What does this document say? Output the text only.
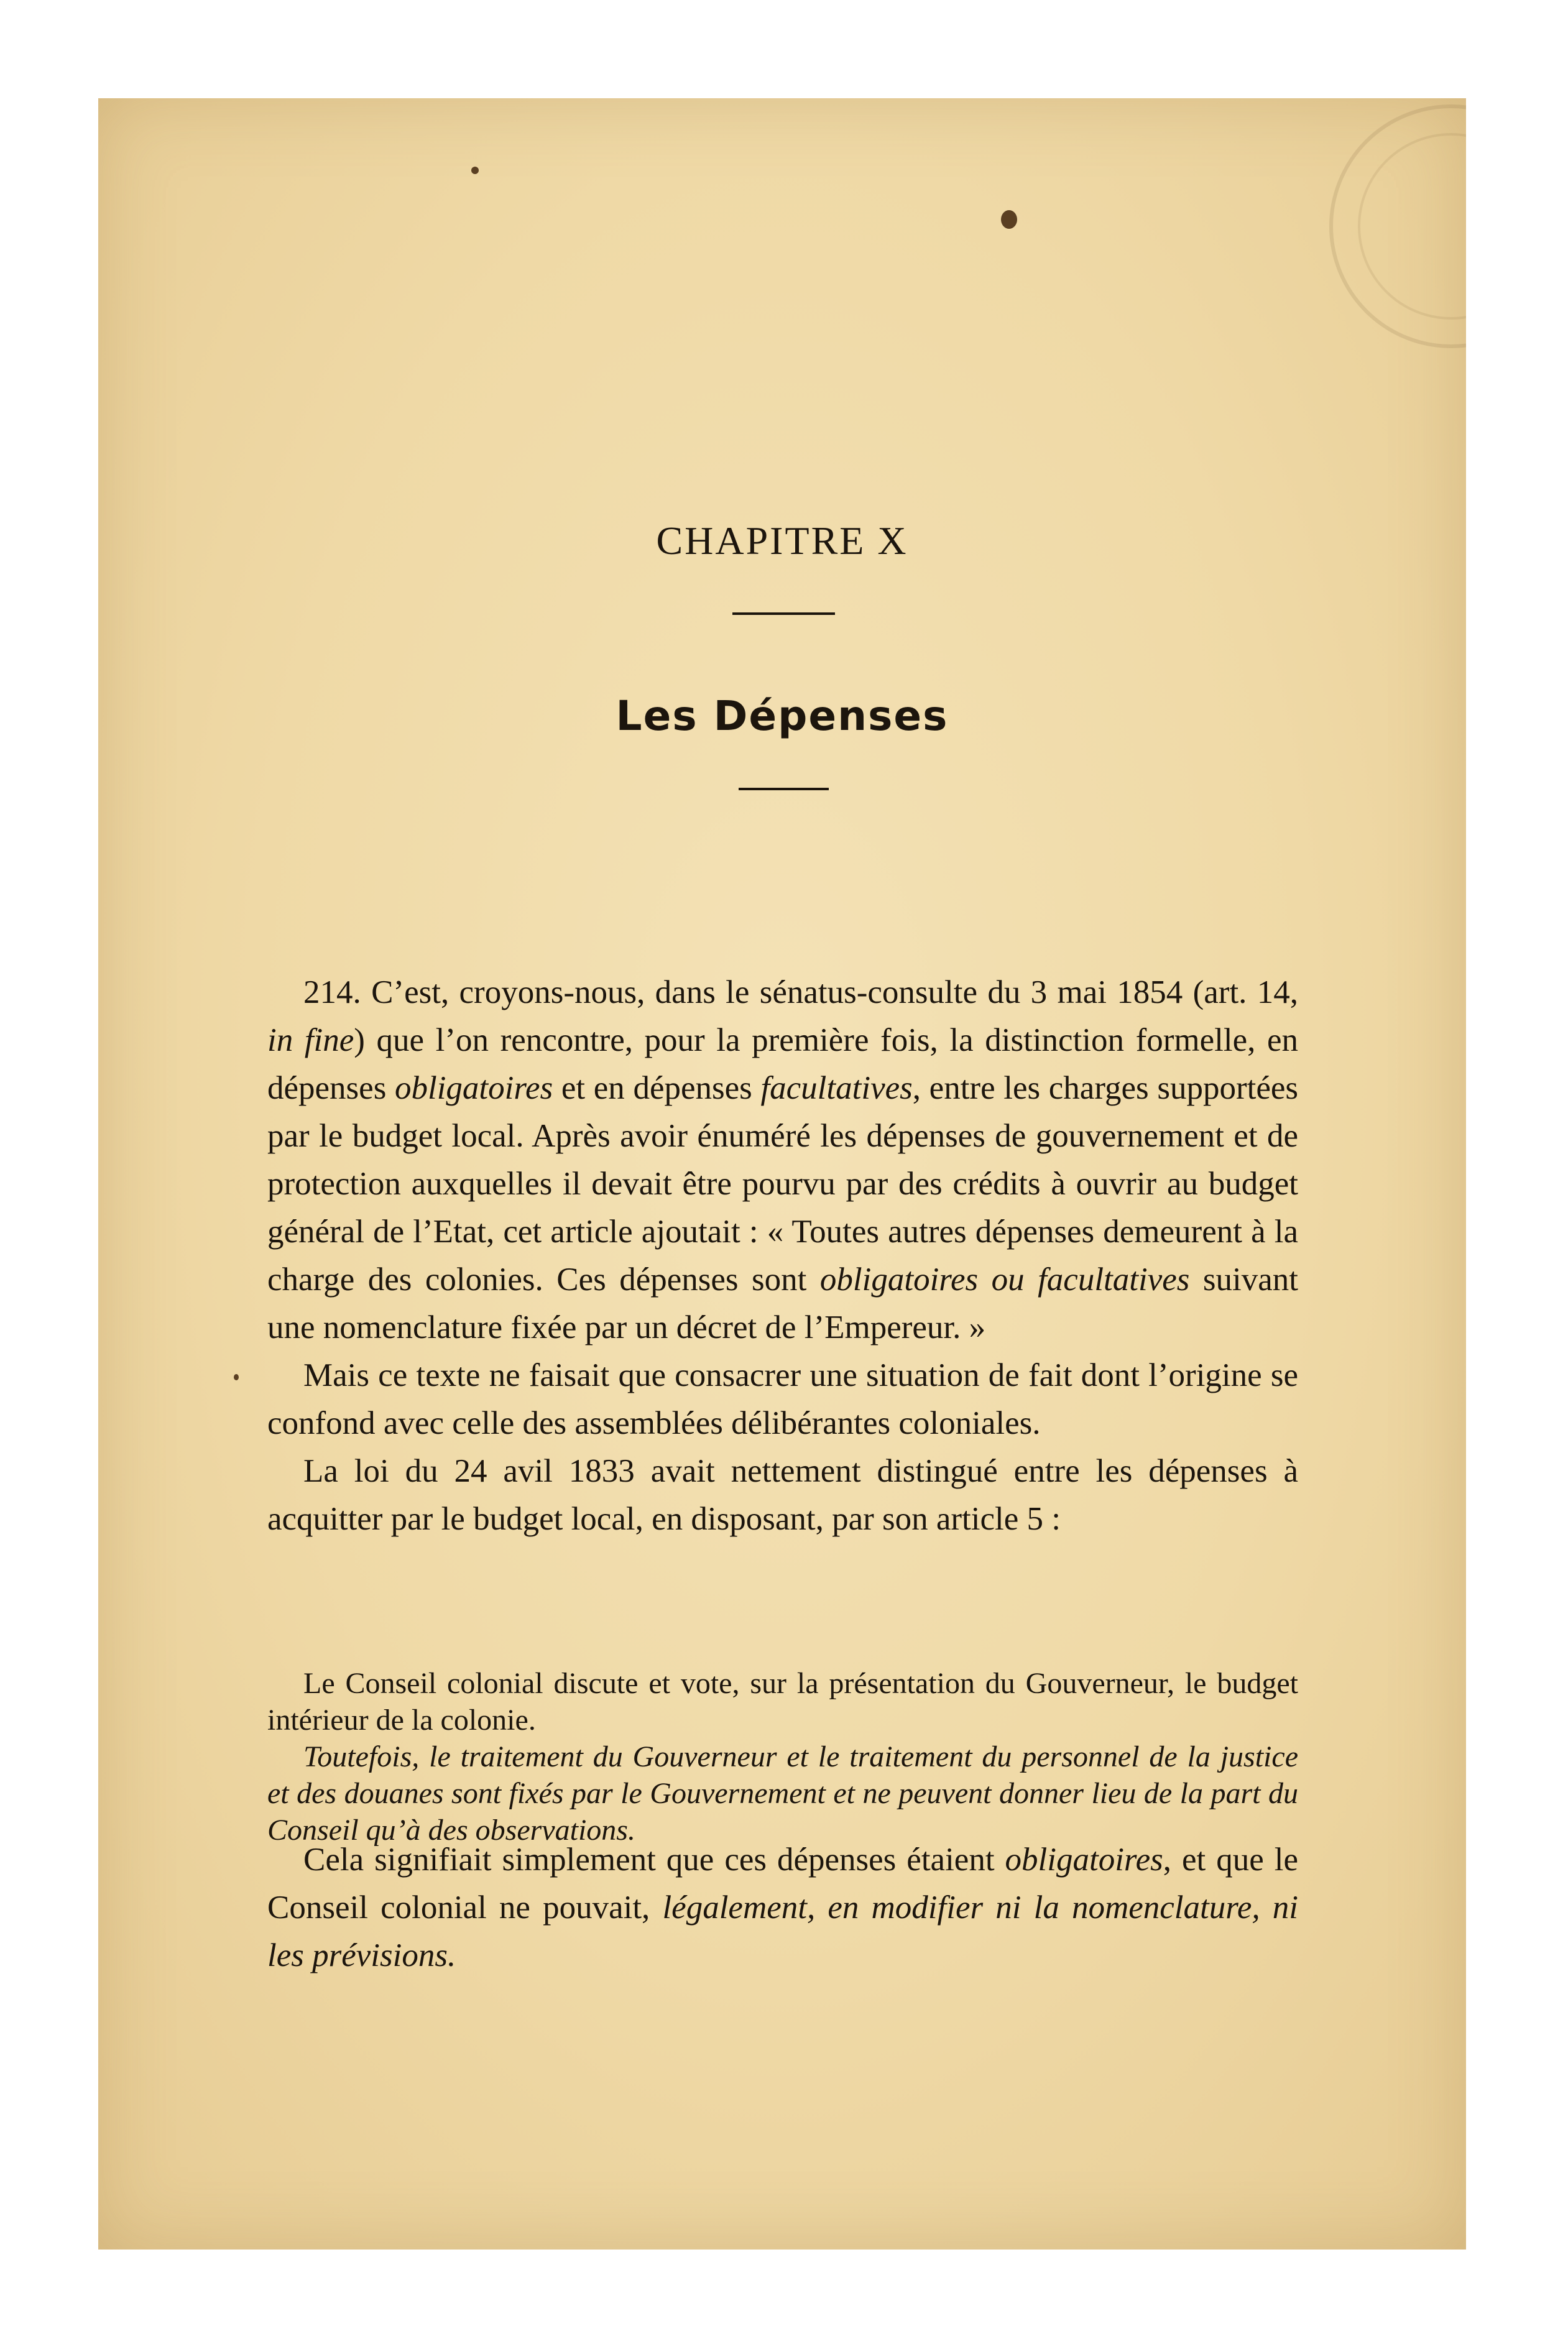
CHAPITRE X
Les Dépenses

214. C’est, croyons-nous, dans le sénatus-consulte du 3 mai 1854 (art. 14, in fine) que l’on rencontre, pour la première fois, la distinction formelle, en dépenses obligatoires et en dépenses facultatives, entre les charges supportées par le budget local. Après avoir énuméré les dépenses de gouvernement et de protection auxquelles il devait être pourvu par des crédits à ouvrir au budget général de l’Etat, cet article ajoutait : « Toutes autres dépenses demeurent à la charge des colonies. Ces dépenses sont obligatoires ou facultatives suivant une nomenclature fixée par un décret de l’Empereur. »

Mais ce texte ne faisait que consacrer une situation de fait dont l’origine se confond avec celle des assemblées délibérantes coloniales.

La loi du 24 avil 1833 avait nettement distingué entre les dépenses à acquitter par le budget local, en disposant, par son article 5 :

Le Conseil colonial discute et vote, sur la présentation du Gouverneur, le budget intérieur de la colonie.

Toutefois, le traitement du Gouverneur et le traitement du personnel de la justice et des douanes sont fixés par le Gouvernement et ne peuvent donner lieu de la part du Conseil qu’à des observations.

Cela signifiait simplement que ces dépenses étaient obligatoires, et que le Conseil colonial ne pouvait, légalement, en modifier ni la nomenclature, ni les prévisions.
